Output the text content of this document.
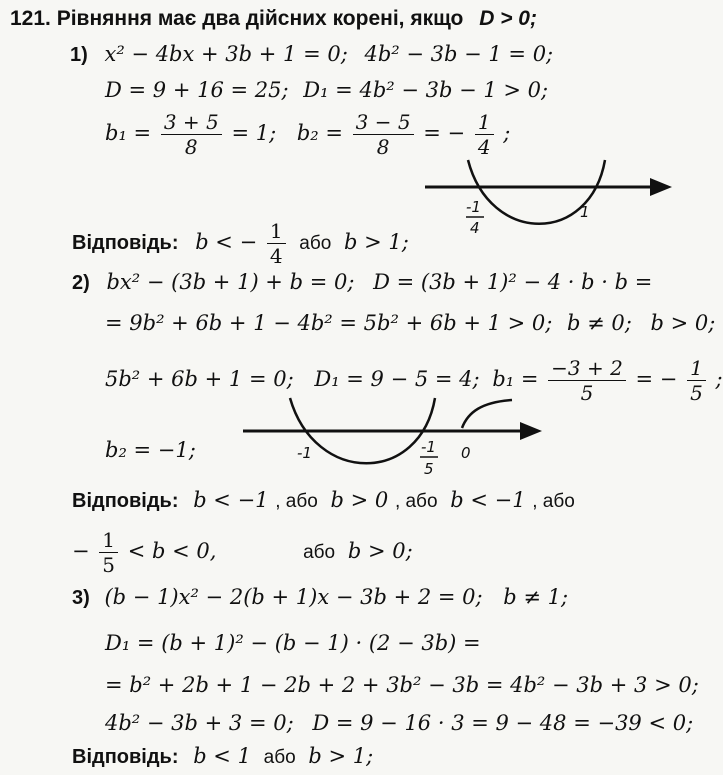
121. Рівняння має два дійсних корені, якщо D > 0;
1) x² − 4bx + 3b + 1 = 0; 4b² − 3b − 1 = 0;
D = 9 + 16 = 25; D₁ = 4b² − 3b − 1 > 0;
$b_1 = \frac{3 + 5}{8} = 1$; $b_2 = \frac{3 - 5}{8}$ = − $\frac{1}{4}$ ;
-1
4
1
-1	-1
5
0
Відповідь: b < − $\frac{1}{4}$ або b > 1;
2) bx² − (3b + 1) + b = 0; D = (3b + 1)² − 4 · b · b =
= 9b² + 6b + 1 − 4b² = 5b² + 6b + 1 > 0; b ≠ 0; b > 0;
5b² + 6b + 1 = 0; D₁ = 9 − 5 = 4; $b_1 = \frac{-3 + 2}{5}$ = − $\frac{1}{5}$ ;
b₂ = −1;
Відповідь: b < −1 , або b > 0 , або b < −1 , або
− $\frac{1}{5} < b < 0$,	або b > 0;
3) (b − 1)x² − 2(b + 1)x − 3b + 2 = 0; b ≠ 1;
D₁ = (b + 1)² − (b − 1) · (2 − 3b) =
= b² + 2b + 1 − 2b + 2 + 3b² − 3b = 4b² − 3b + 3 > 0;
4b² − 3b + 3 = 0; D = 9 − 16 · 3 = 9 − 48 = −39 < 0;
Відповідь: b < 1 або b > 1;
